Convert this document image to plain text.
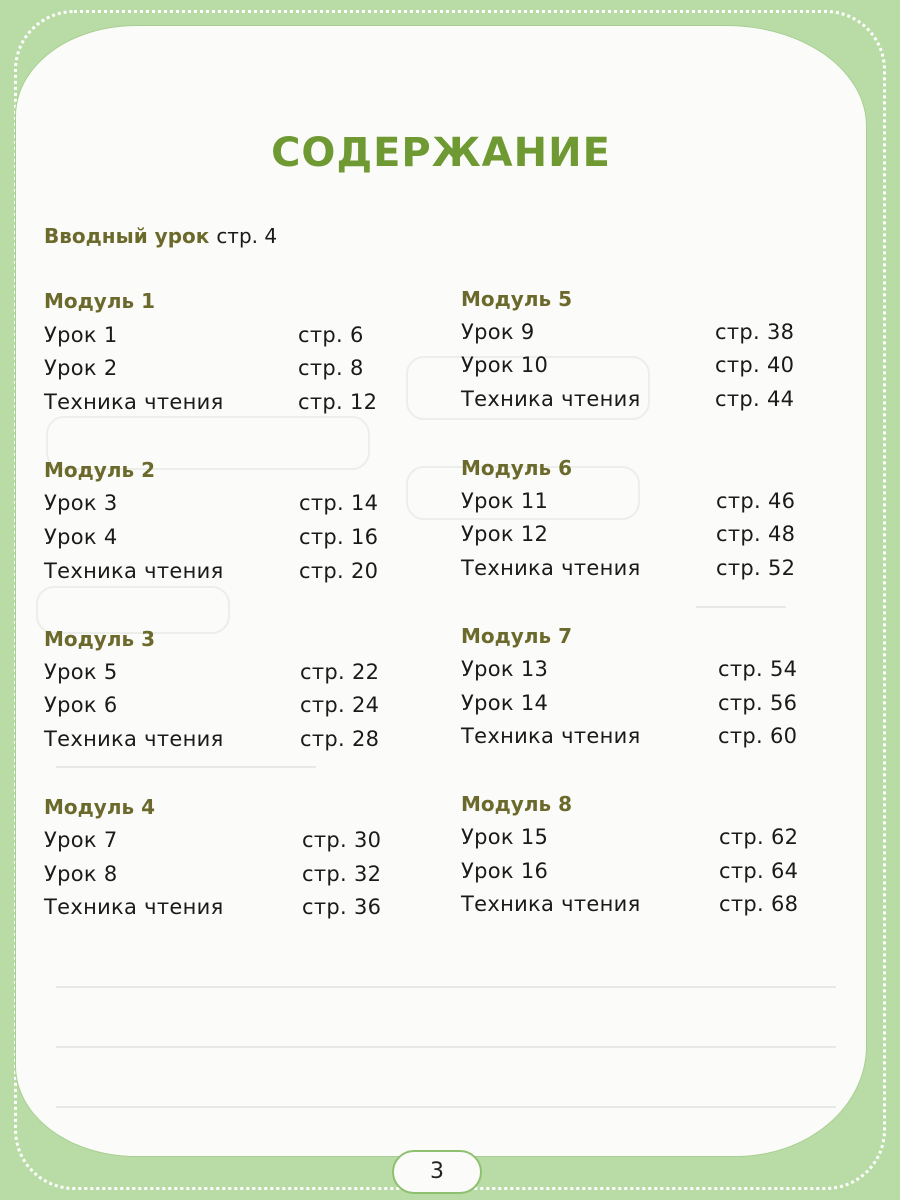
СОДЕРЖАНИЕ
Вводный урок стр. 4
Модуль 1
Урок 1	стр. 6
Урок 2	стр. 8
Техника чтения	стр. 12
Модуль 2
Урок 3	стр. 14
Урок 4	стр. 16
Техника чтения	стр. 20
Модуль 3
Урок 5	стр. 22
Урок 6	стр. 24
Техника чтения	стр. 28
Модуль 4
Урок 7	стр. 30
Урок 8	стр. 32
Техника чтения	стр. 36
Модуль 5
Урок 9	стр. 38
Урок 10	стр. 40
Техника чтения	стр. 44
Модуль 6
Урок 11	стр. 46
Урок 12	стр. 48
Техника чтения	стр. 52
Модуль 7
Урок 13	стр. 54
Урок 14	стр. 56
Техника чтения	стр. 60
Модуль 8
Урок 15	стр. 62
Урок 16	стр. 64
Техника чтения	стр. 68
3
